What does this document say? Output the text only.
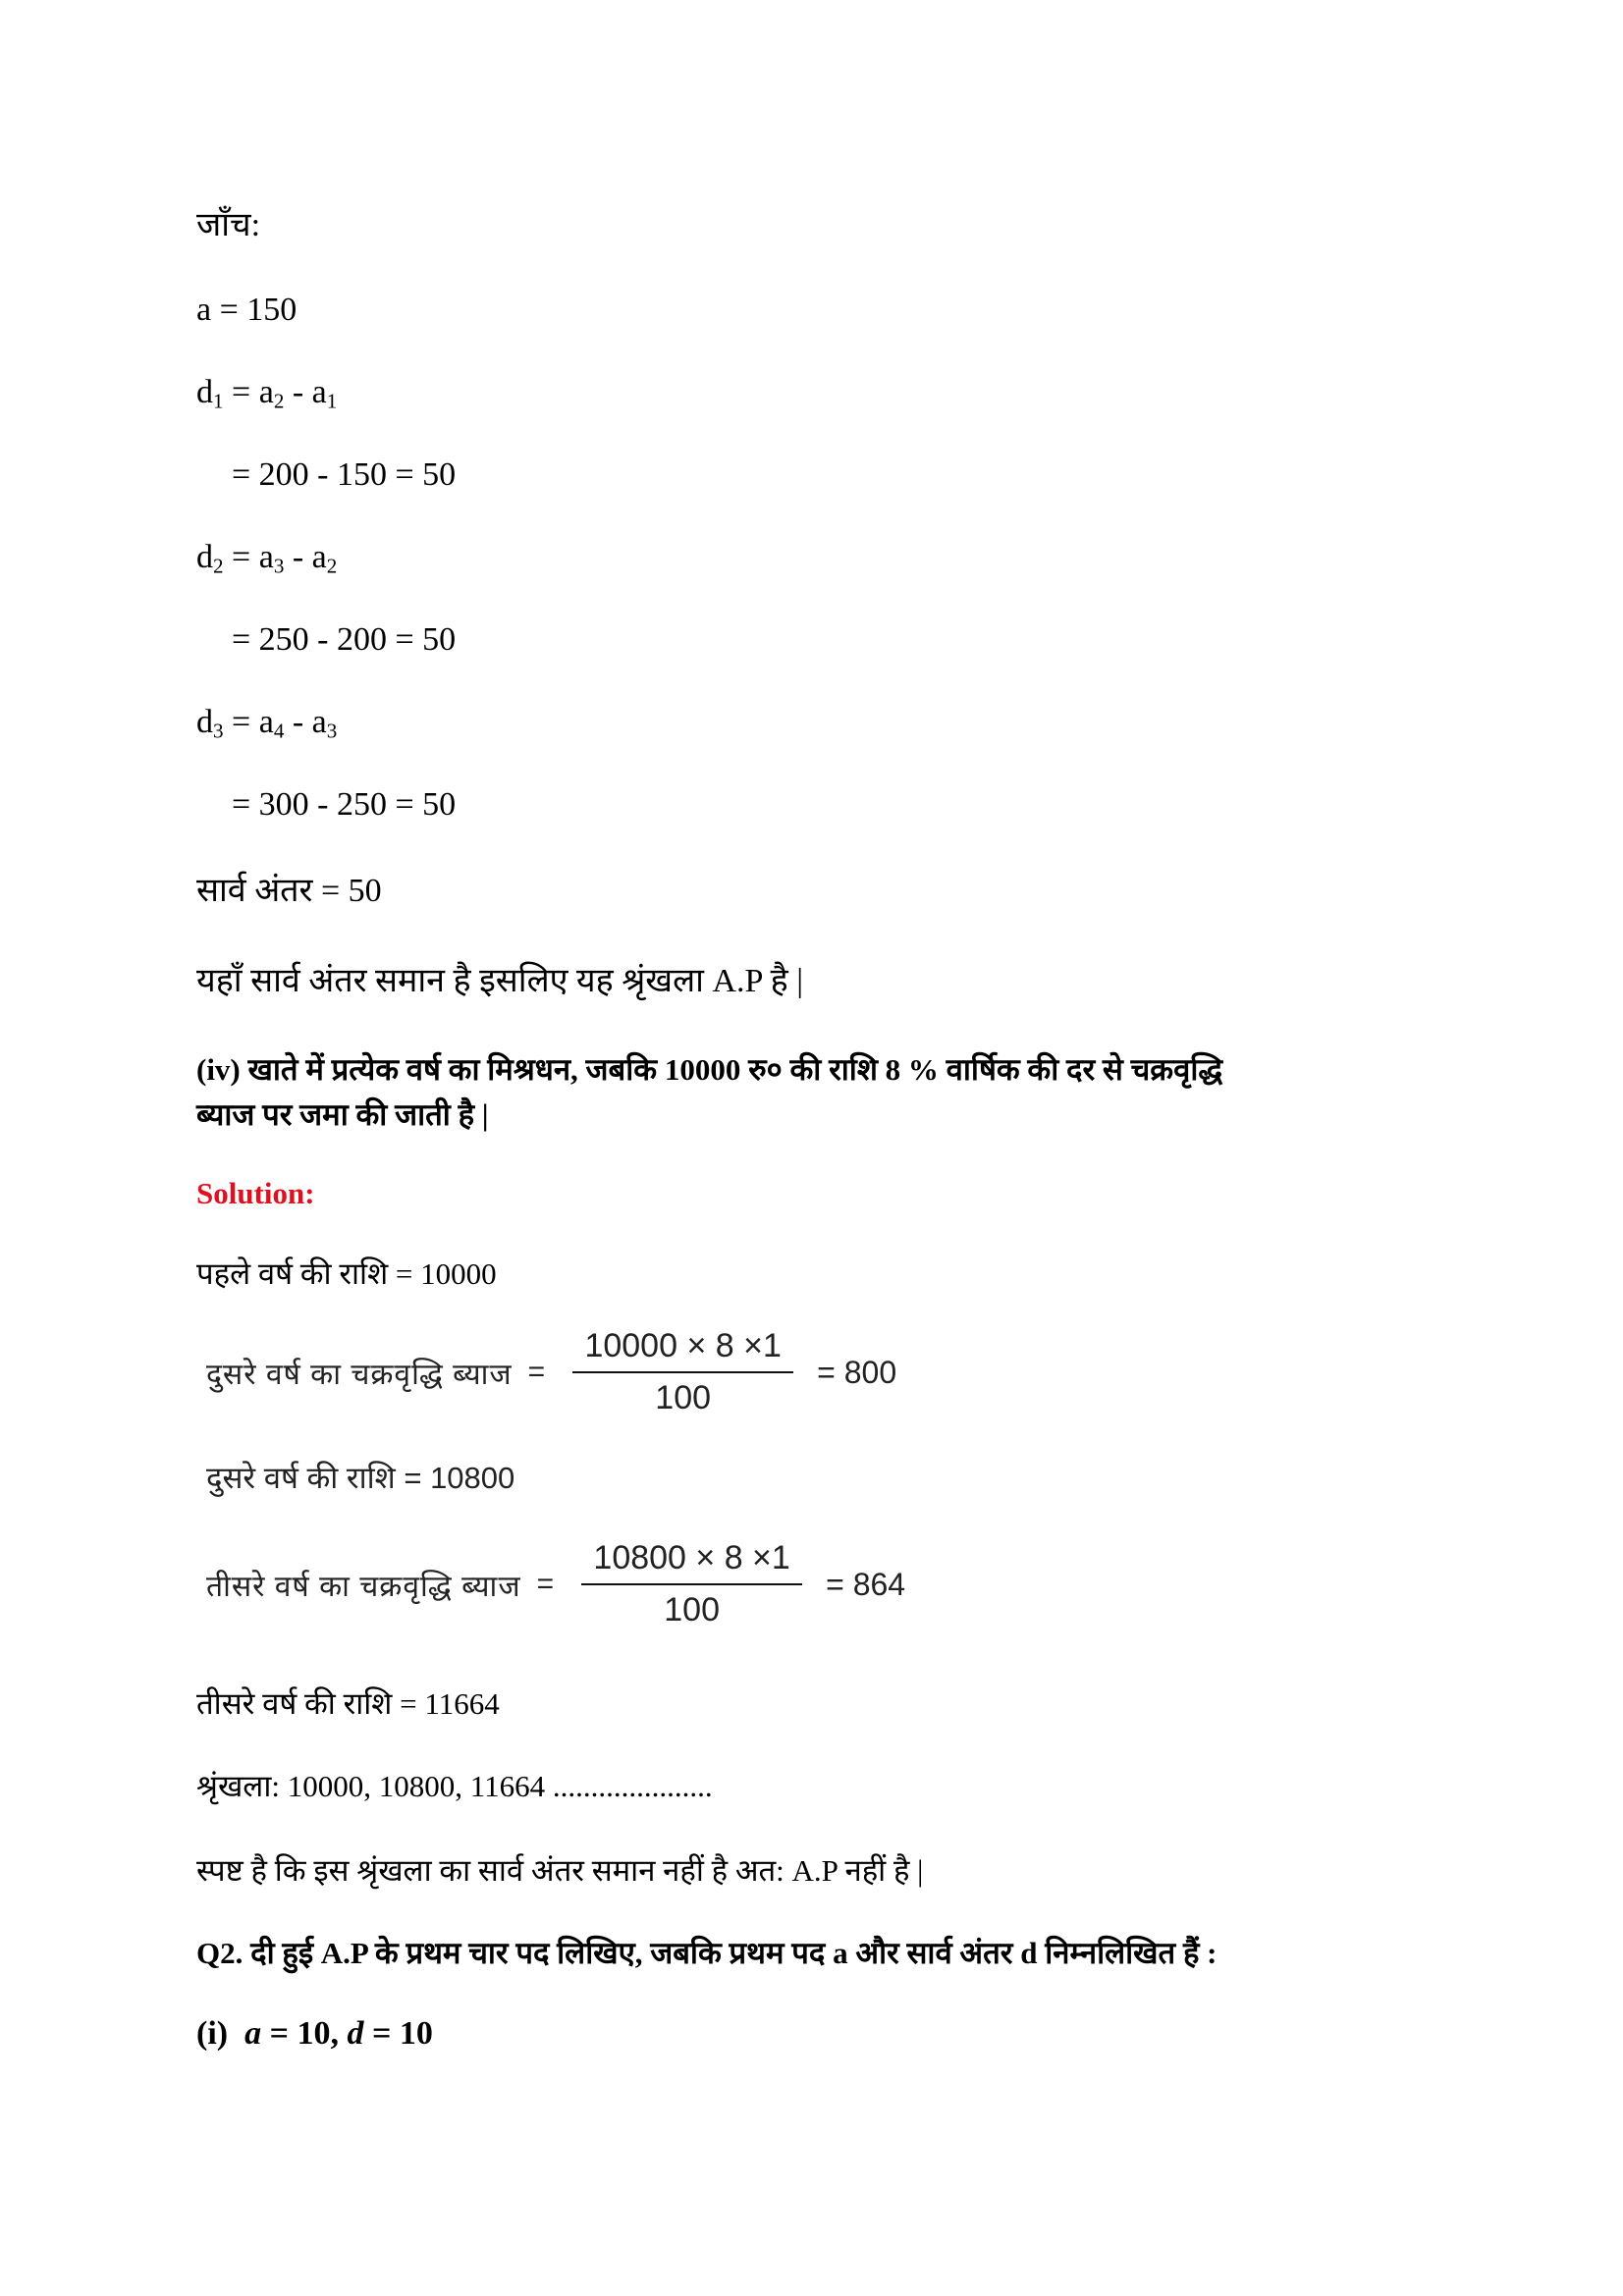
जाँच:
a = 150
$d_1 = a_2 - a_1$
= 200 - 150 = 50
$d_2 = a_3 - a_2$
= 250 - 200 = 50
$d_3 = a_4 - a_3$
= 300 - 250 = 50
सार्व अंतर = 50
यहाँ सार्व अंतर समान है इसलिए यह श्रृंखला A.P है |
(iv) खाते में प्रत्येक वर्ष का मिश्रधन, जबकि 10000 रु० की राशि 8 % वार्षिक की दर से चक्रवृद्धि
ब्याज पर जमा की जाती है |
Solution:
पहले वर्ष की राशि = 10000
दुसरे वर्ष का चक्रवृद्धि ब्याज = $\frac{10000 \times 8 \times 1}{100} = 800$
दुसरे वर्ष की राशि = 10800
तीसरे वर्ष का चक्रवृद्धि ब्याज = $\frac{10800 \times 8 \times 1}{100} = 864$
तीसरे वर्ष की राशि = 11664
श्रृंखला: 10000, 10800, 11664 .....................
स्पष्ट है कि इस श्रृंखला का सार्व अंतर समान नहीं है अत: A.P नहीं है |
Q2. दी हुई A.P के प्रथम चार पद लिखिए, जबकि प्रथम पद a और सार्व अंतर d निम्नलिखित हैं :
(i) a = 10, d = 10
